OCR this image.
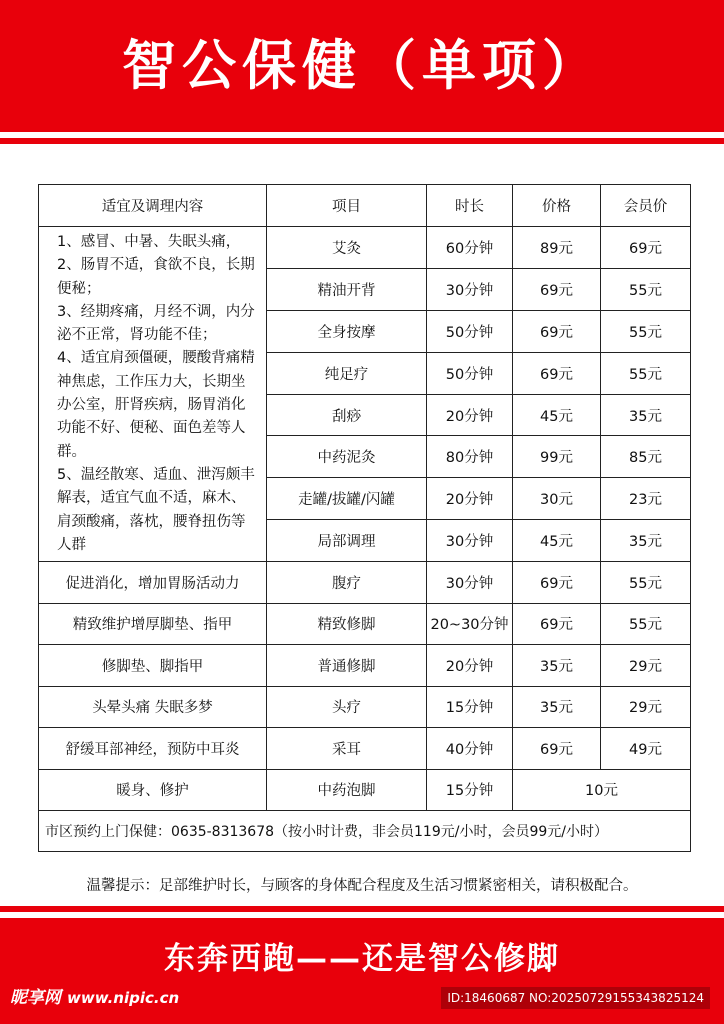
智公保健（单项）
适宜及调理内容	项目	时长	价格	会员价
1、感冒、中暑、失眠头痛，
2、肠胃不适，食欲不良，长期便秘；
3、经期疼痛，月经不调，内分泌不正常，肾功能不佳；
4、适宜肩颈僵硬，腰酸背痛精神焦虑，工作压力大，长期坐办公室，肝肾疾病，肠胃消化功能不好、便秘、面色差等人群。
5、温经散寒、适血、泄泻颇丰解表，适宜气血不适，麻木、肩颈酸痛，落枕，腰脊扭伤等人群	艾灸	60分钟	89元	69元
	精油开背	30分钟	69元	55元
	全身按摩	50分钟	69元	55元
	纯足疗	50分钟	69元	55元
	刮痧	20分钟	45元	35元
	中药泥灸	80分钟	99元	85元
	走罐/拔罐/闪罐	20分钟	30元	23元
	局部调理	30分钟	45元	35元
促进消化，增加胃肠活动力	腹疗	30分钟	69元	55元
精致维护增厚脚垫、指甲	精致修脚	20~30分钟	69元	55元
修脚垫、脚指甲	普通修脚	20分钟	35元	29元
头晕头痛 失眠多梦	头疗	15分钟	35元	29元
舒缓耳部神经，预防中耳炎	采耳	40分钟	69元	49元
暖身、修护	中药泡脚	15分钟	10元	
市区预约上门保健：0635-8313678（按小时计费，非会员119元/小时，会员99元/小时）				
温馨提示：足部维护时长，与顾客的身体配合程度及生活习惯紧密相关，请积极配合。
东奔西跑——还是智公修脚
昵享网 www.nipic.cn	ID:18460687 NO:20250729155343825124
